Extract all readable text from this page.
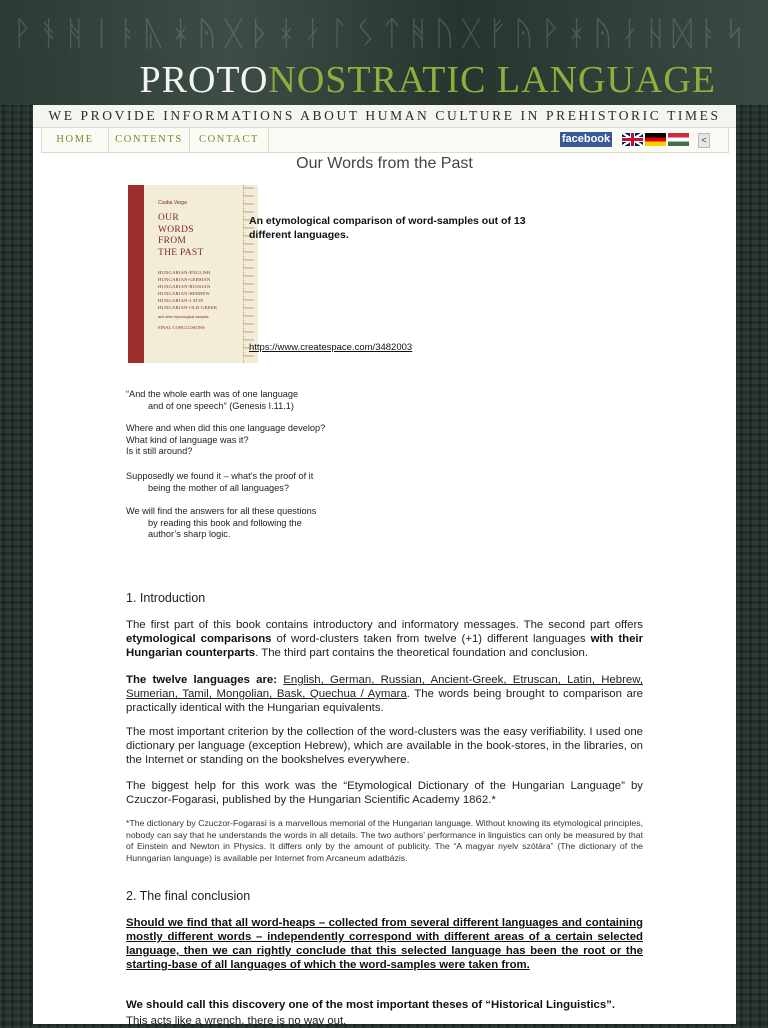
ᚹᚬᚻᛁᚭᚣᚼᚤᚷᚦᚼᛅᛚᛊᛏᚻᚢᚷᚠᚤᚹᚼᚤᛅᚺᛞᚭᛋ
PROTONOSTRATIC LANGUAGE
WE PROVIDE INFORMATIONS ABOUT HUMAN CULTURE IN PREHISTORIC TIMES
HOME	CONTENTS	CONTACT	facebook	<
Our Words from the Past
Csaba Varga
OUR
WORDS
FROM
THE PAST
HUNGARIAN-ENGLISH
HUNGARIAN-GERMAN
HUNGARIAN-RUSSIAN
HUNGARIAN-HEBREW
HUNGARIAN-LATIN
HUNGARIAN-OLD-GREEK
and other etymological samples
FINAL CONCLUSIONS
An etymological comparison of word-samples out of 13 different languages.
https://www.createspace.com/3482003
“And the whole earth was of one language
and of one speech” (Genesis I.11.1)
Where and when did this one language develop?
What kind of language was it?
Is it still around?
Supposedly we found it – what’s the proof of it
being the mother of all languages?
We will find the answers for all these questions
by reading this book and following the
author’s sharp logic.
1. Introduction
The first part of this book contains introductory and informatory messages. The second part offers etymological comparisons of word-clusters taken from twelve (+1) different languages with their Hungarian counterparts. The third part contains the theoretical foundation and conclusion.
The twelve languages are: English, German, Russian, Ancient-Greek, Etruscan, Latin, Hebrew, Sumerian, Tamil, Mongolian, Bask, Quechua / Aymara. The words being brought to comparison are practically identical with the Hungarian equivalents.
The most important criterion by the collection of the word-clusters was the easy verifiability. I used one dictionary per language (exception Hebrew), which are available in the book-stores, in the libraries, on the Internet or standing on the bookshelves everywhere.
The biggest help for this work was the “Etymological Dictionary of the Hungarian Language” by Czuczor-Fogarasi, published by the Hungarian Scientific Academy 1862.*
*The dictionary by Czuczor-Fogarasi is a marvellous memorial of the Hungarian language. Without knowing its etymological principles, nobody can say that he understands the words in all details. The two authors’ performance in linguistics can only be measured by that of Einstein and Newton in Physics. It differs only by the amount of publicity. The “A magyar nyelv szótára” (The dictionary of the Hunngarian language) is available per Internet from Arcaneum adatbázis.
2. The final conclusion
Should we find that all word-heaps – collected from several different languages and containing mostly different words – independently correspond with different areas of a certain selected language, then we can rightly conclude that this selected language has been the root or the starting-base of all languages of which the word-samples were taken from.
We should call this discovery one of the most important theses of “Historical Linguistics”.
This acts like a wrench, there is no way out.
